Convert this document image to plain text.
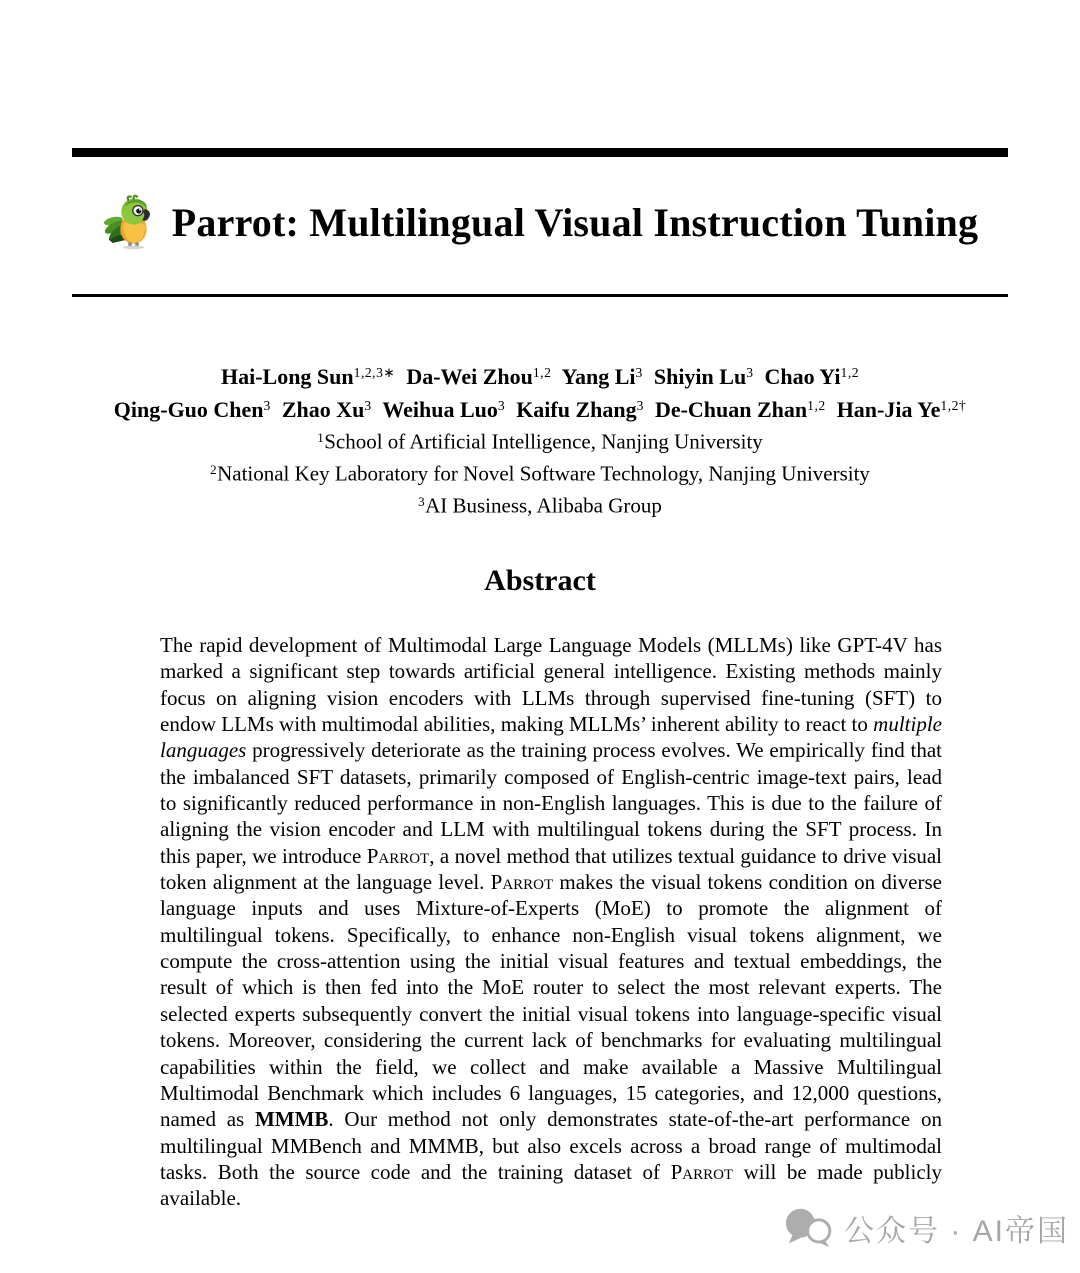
Parrot: Multilingual Visual Instruction Tuning
Hai-Long Sun$^{1,2,3∗}$  Da-Wei Zhou$^{1,2}$  Yang Li$^3$  Shiyin Lu$^3$  Chao Yi$^{1,2}$
Qing-Guo Chen$^3$  Zhao Xu$^3$  Weihua Luo$^3$  Kaifu Zhang$^3$  De-Chuan Zhan$^{1,2}$  Han-Jia $Ye^{1,2\dagger}$
$^1$School of Artificial Intelligence, Nanjing University
$^2$National Key Laboratory for Novel Software Technology, Nanjing University
$^3$AI Business, Alibaba Group
Abstract
The rapid development of Multimodal Large Language Models (MLLMs) like GPT-4V has marked a significant step towards artificial general intelligence. Existing methods mainly focus on aligning vision encoders with LLMs through supervised fine-tuning (SFT) to endow LLMs with multimodal abilities, making MLLMs’ inherent ability to react to multiple languages progressively deteriorate as the training process evolves. We empirically find that the imbalanced SFT datasets, primarily composed of English-centric image-text pairs, lead to significantly reduced performance in non-English languages. This is due to the failure of aligning the vision encoder and LLM with multilingual tokens during the SFT process. In this paper, we introduce Parrot, a novel method that utilizes textual guidance to drive visual token alignment at the language level. Parrot makes the visual tokens condition on diverse language inputs and uses Mixture-of-Experts (MoE) to promote the alignment of multilingual tokens. Specifically, to enhance non-English visual tokens alignment, we compute the cross-attention using the initial visual features and textual embeddings, the result of which is then fed into the MoE router to select the most relevant experts. The selected experts subsequently convert the initial visual tokens into language-specific visual tokens. Moreover, considering the current lack of benchmarks for evaluating multilingual capabilities within the field, we collect and make available a Massive Multilingual Multimodal Benchmark which includes 6 languages, 15 categories, and 12,000 questions, named as MMMB. Our method not only demonstrates state-of-the-art performance on multilingual MMBench and MMMB, but also excels across a broad range of multimodal tasks. Both the source code and the training dataset of Parrot will be made publicly available.
公众号 · AI帝国
